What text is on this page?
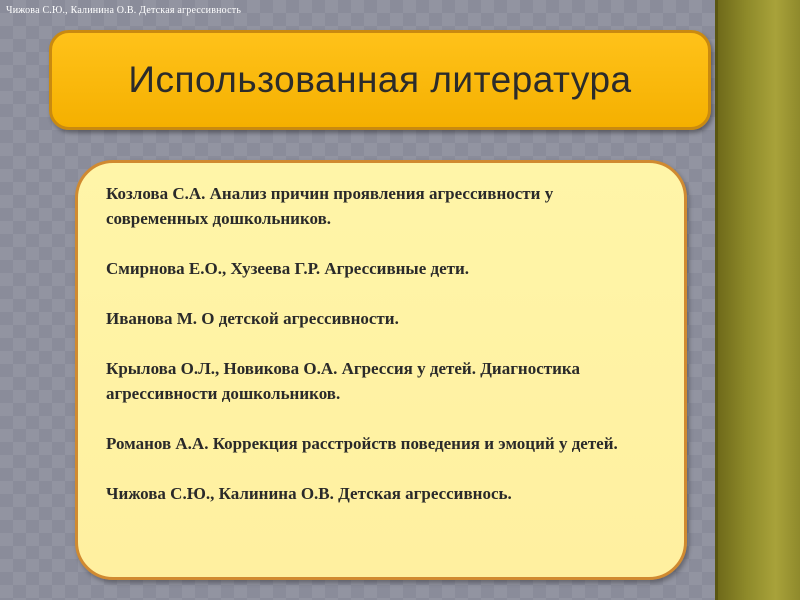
Чижова С.Ю., Калинина О.В. Детская агрессивность
Использованная литература
Козлова С.А. Анализ причин проявления агрессивности у современных дошкольников.
Смирнова Е.О., Хузеева Г.Р. Агрессивные дети.
Иванова М. О детской агрессивности.
Крылова О.Л., Новикова О.А. Агрессия у детей. Диагностика агрессивности дошкольников.
Романов А.А. Коррекция расстройств поведения и эмоций у детей.
Чижова С.Ю., Калинина О.В. Детская агрессивнось.
